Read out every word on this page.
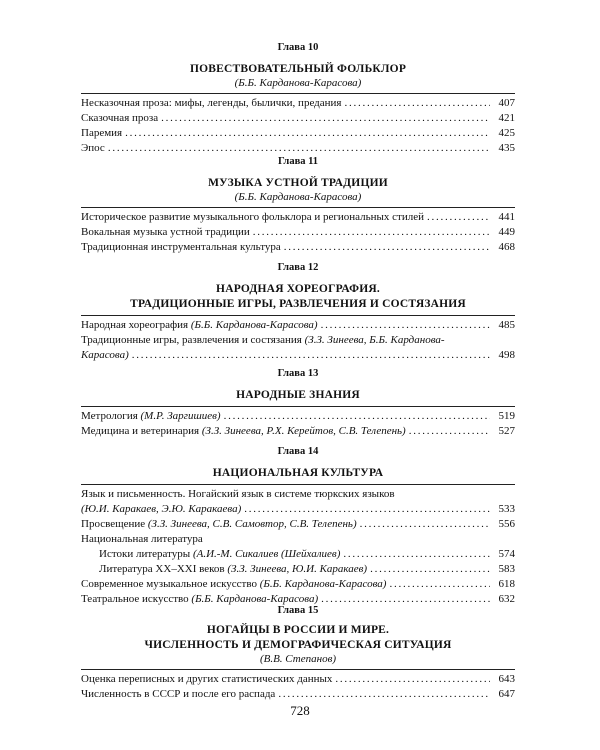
Глава 10
ПОВЕСТВОВАТЕЛЬНЫЙ ФОЛЬКЛОР
(Б.Б. Карданова-Карасова)
Несказочная проза: мифы, легенды, былички, предания . . .	407
Сказочная проза . . .	421
Паремия . . .	425
Эпос . . .	435
Глава 11
МУЗЫКА УСТНОЙ ТРАДИЦИИ
(Б.Б. Карданова-Карасова)
Историческое развитие музыкального фольклора и региональных стилей . . .	441
Вокальная музыка устной традиции . . .	449
Традиционная инструментальная культура . . .	468
Глава 12
НАРОДНАЯ ХОРЕОГРАФИЯ.
ТРАДИЦИОННЫЕ ИГРЫ, РАЗВЛЕЧЕНИЯ И СОСТЯЗАНИЯ
Народная хореография (Б.Б. Карданова-Карасова) . . .	485
Традиционные игры, развлечения и состязания (З.З. Зинеева, Б.Б. Карданова-
Карасова) . . .	498
Глава 13
НАРОДНЫЕ ЗНАНИЯ
Метрология (М.Р. Заргишиев) . . .	519
Медицина и ветеринария (З.З. Зинеева, Р.Х. Керейтов, С.В. Телепень) . . .	527
Глава 14
НАЦИОНАЛЬНАЯ КУЛЬТУРА
Язык и письменность. Ногайский язык в системе тюркских языков
(Ю.И. Каракаев, Э.Ю. Каракаева) . . .	533
Просвещение (З.З. Зинеева, С.В. Самовтор, С.В. Телепень) . . .	556
Национальная литература
Истоки литературы (А.И.-М. Сикалиев (Шейхалиев) . . .	574
Литература XX–XXI веков (З.З. Зинеева, Ю.И. Каракаев) . . .	583
Современное музыкальное искусство (Б.Б. Карданова-Карасова) . . .	618
Театральное искусство (Б.Б. Карданова-Карасова) . . .	632
Глава 15
НОГАЙЦЫ В РОССИИ И МИРЕ.
ЧИСЛЕННОСТЬ И ДЕМОГРАФИЧЕСКАЯ СИТУАЦИЯ
(В.В. Степанов)
Оценка переписных и других статистических данных . . .	643
Численность в СССР и после его распада . . .	647
728
